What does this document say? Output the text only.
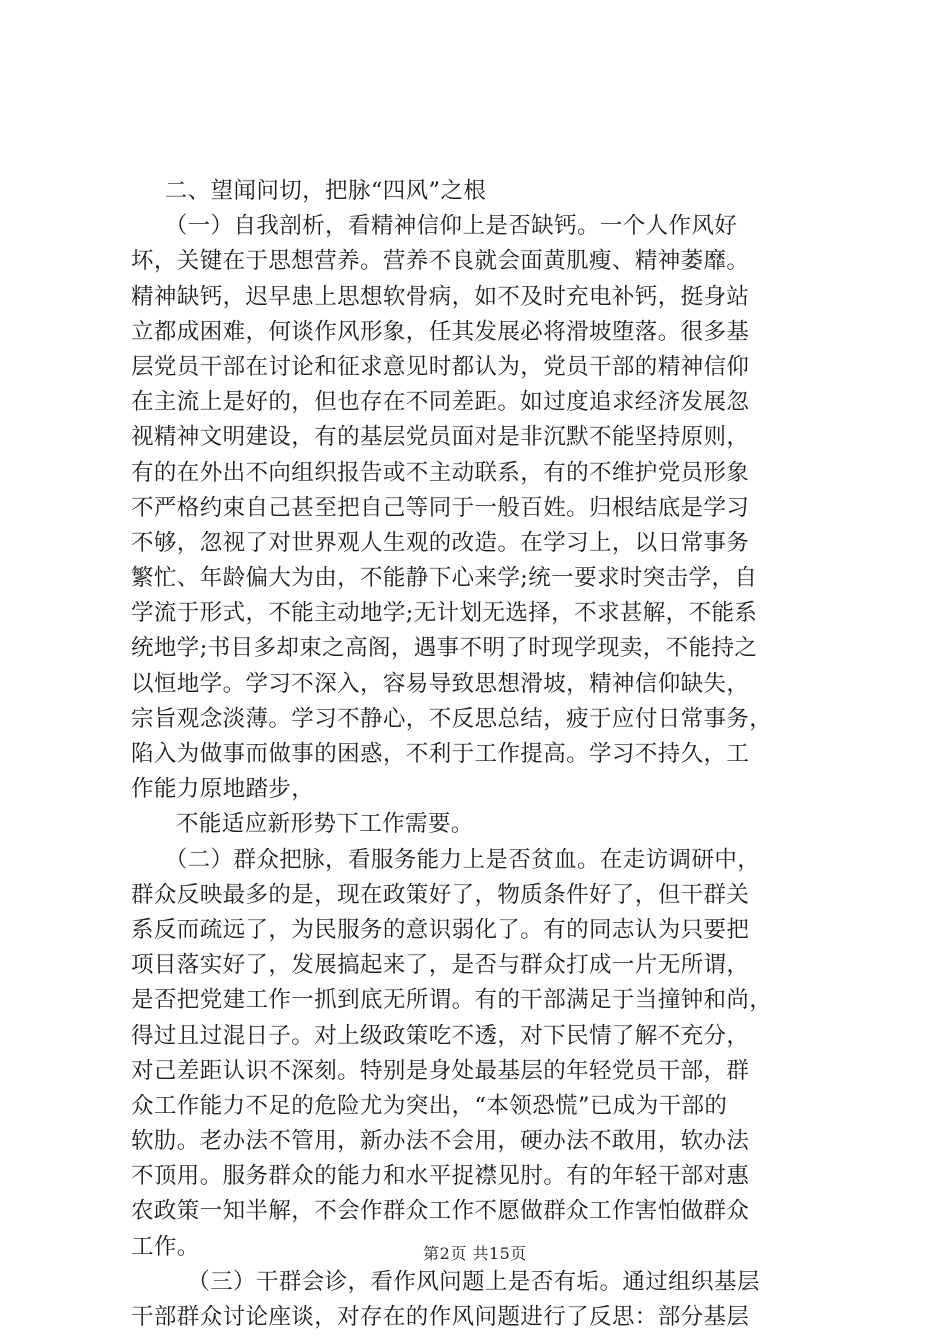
二、望闻问切，把脉“四风”之根
（一）自我剖析，看精神信仰上是否缺钙。一个人作风好
坏，关键在于思想营养。营养不良就会面黄肌瘦、精神萎靡。
精神缺钙，迟早患上思想软骨病，如不及时充电补钙，挺身站
立都成困难，何谈作风形象，任其发展必将滑坡堕落。很多基
层党员干部在讨论和征求意见时都认为，党员干部的精神信仰
在主流上是好的，但也存在不同差距。如过度追求经济发展忽
视精神文明建设，有的基层党员面对是非沉默不能坚持原则，
有的在外出不向组织报告或不主动联系，有的不维护党员形象
不严格约束自己甚至把自己等同于一般百姓。归根结底是学习
不够，忽视了对世界观人生观的改造。在学习上，以日常事务
繁忙、年龄偏大为由，不能静下心来学;统一要求时突击学，自
学流于形式，不能主动地学;无计划无选择，不求甚解，不能系
统地学;书目多却束之高阁，遇事不明了时现学现卖，不能持之
以恒地学。学习不深入，容易导致思想滑坡，精神信仰缺失，
宗旨观念淡薄。学习不静心，不反思总结，疲于应付日常事务，
陷入为做事而做事的困惑，不利于工作提高。学习不持久，工
作能力原地踏步，
不能适应新形势下工作需要。
（二）群众把脉，看服务能力上是否贫血。在走访调研中，
群众反映最多的是，现在政策好了，物质条件好了，但干群关
系反而疏远了，为民服务的意识弱化了。有的同志认为只要把
项目落实好了，发展搞起来了，是否与群众打成一片无所谓，
是否把党建工作一抓到底无所谓。有的干部满足于当撞钟和尚，
得过且过混日子。对上级政策吃不透，对下民情了解不充分，
对己差距认识不深刻。特别是身处最基层的年轻党员干部，群
众工作能力不足的危险尤为突出，“本领恐慌”已成为干部的
软肋。老办法不管用，新办法不会用，硬办法不敢用，软办法
不顶用。服务群众的能力和水平捉襟见肘。有的年轻干部对惠
农政策一知半解，不会作群众工作不愿做群众工作害怕做群众
工作。
（三）干群会诊，看作风问题上是否有垢。通过组织基层
干部群众讨论座谈，对存在的作风问题进行了反思：部分基层
第2页 共15页
